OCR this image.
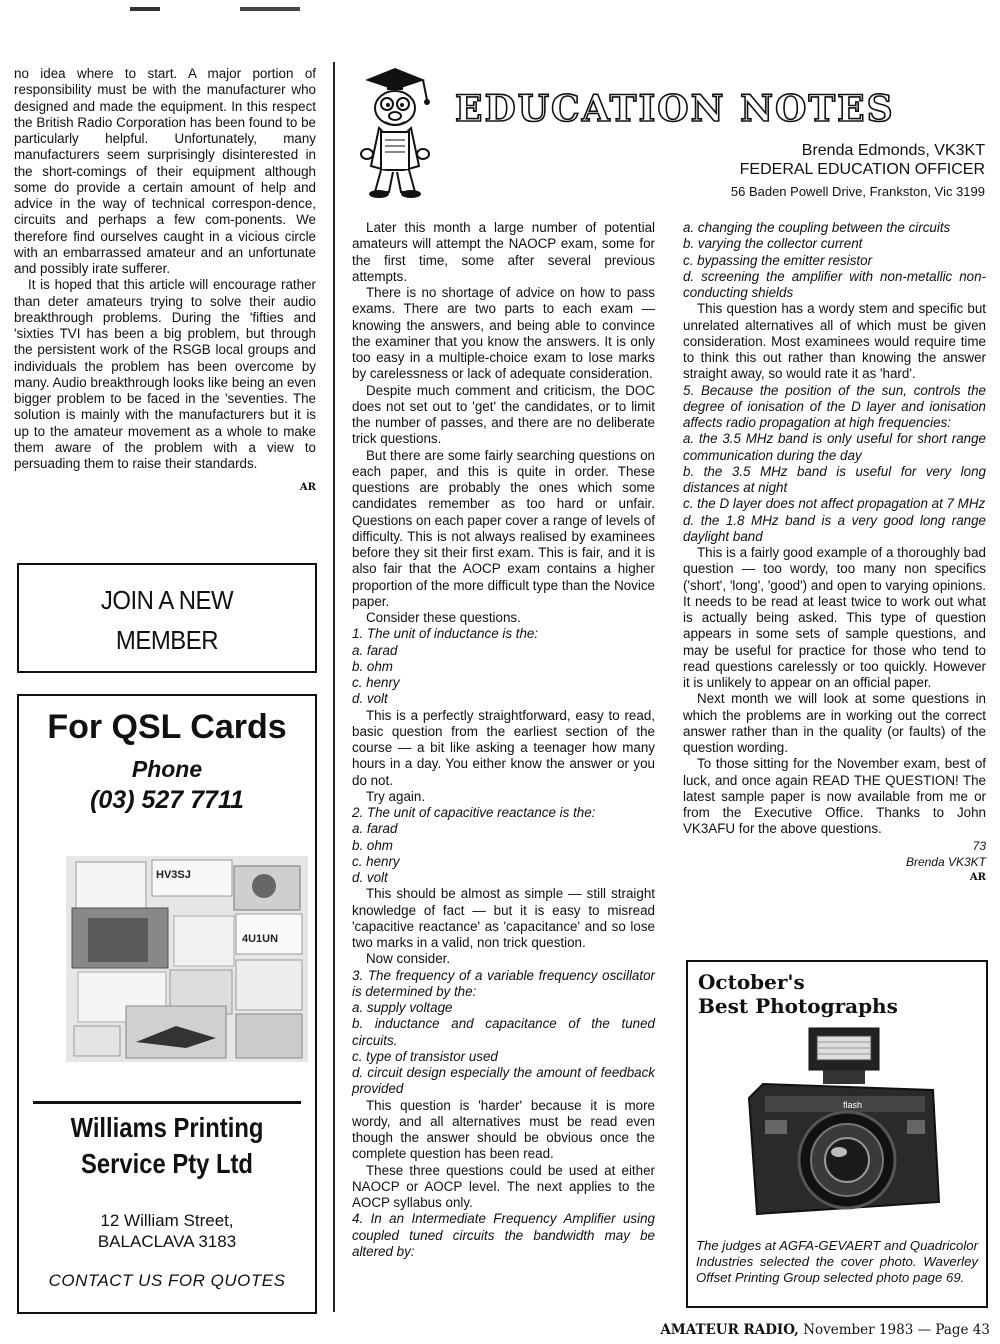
no idea where to start. A major portion of responsibility must be with the manufacturer who designed and made the equipment. In this respect the British Radio Corporation has been found to be particularly helpful. Unfortunately, many manufacturers seem surprisingly disinterested in the short-comings of their equipment although some do provide a certain amount of help and advice in the way of technical correspon-dence, circuits and perhaps a few com-ponents. We therefore find ourselves caught in a vicious circle with an embarrassed amateur and an unfortunate and possibly irate sufferer.

It is hoped that this article will encourage rather than deter amateurs trying to solve their audio breakthrough problems. During the 'fifties and 'sixties TVI has been a big problem, but through the persistent work of the RSGB local groups and individuals the problem has been overcome by many. Audio breakthrough looks like being an even bigger problem to be faced in the 'seventies. The solution is mainly with the manufacturers but it is up to the amateur movement as a whole to make them aware of the problem with a view to persuading them to raise their standards.

AR

JOIN A NEW
MEMBER
For QSL Cards
Phone
(03) 527 7711
HV3SJ
4U1UN
Williams Printing
Service Pty Ltd
12 William Street,
BALACLAVA 3183
CONTACT US FOR QUOTES
EDUCATION NOTES
Brenda Edmonds, VK3KT
FEDERAL EDUCATION OFFICER
56 Baden Powell Drive, Frankston, Vic 3199

Later this month a large number of potential amateurs will attempt the NAOCP exam, some for the first time, some after several previous attempts.

There is no shortage of advice on how to pass exams. There are two parts to each exam — knowing the answers, and being able to convince the examiner that you know the answers. It is only too easy in a multiple-choice exam to lose marks by carelessness or lack of adequate consideration.

Despite much comment and criticism, the DOC does not set out to 'get' the candidates, or to limit the number of passes, and there are no deliberate trick questions.

But there are some fairly searching questions on each paper, and this is quite in order. These questions are probably the ones which some candidates remember as too hard or unfair. Questions on each paper cover a range of levels of difficulty. This is not always realised by examinees before they sit their first exam. This is fair, and it is also fair that the AOCP exam contains a higher proportion of the more difficult type than the Novice paper.

Consider these questions.

1. The unit of inductance is the:

a. farad

b. ohm

c. henry

d. volt

This is a perfectly straightforward, easy to read, basic question from the earliest section of the course — a bit like asking a teenager how many hours in a day. You either know the answer or you do not.

Try again.

2. The unit of capacitive reactance is the:

a. farad

b. ohm

c. henry

d. volt

This should be almost as simple — still straight knowledge of fact — but it is easy to misread 'capacitive reactance' as 'capacitance' and so lose two marks in a valid, non trick question.

Now consider.

3. The frequency of a variable frequency oscillator is determined by the:

a. supply voltage

b. inductance and capacitance of the tuned circuits.

c. type of transistor used

d. circuit design especially the amount of feedback provided

This question is 'harder' because it is more wordy, and all alternatives must be read even though the answer should be obvious once the complete question has been read.

These three questions could be used at either NAOCP or AOCP level. The next applies to the AOCP syllabus only.

4. In an Intermediate Frequency Amplifier using coupled tuned circuits the bandwidth may be altered by:

a. changing the coupling between the circuits

b. varying the collector current

c. bypassing the emitter resistor

d. screening the amplifier with non-metallic non-conducting shields

This question has a wordy stem and specific but unrelated alternatives all of which must be given consideration. Most examinees would require time to think this out rather than knowing the answer straight away, so would rate it as 'hard'.

5. Because the position of the sun, controls the degree of ionisation of the D layer and ionisation affects radio propagation at high frequencies:

a. the 3.5 MHz band is only useful for short range communication during the day

b. the 3.5 MHz band is useful for very long distances at night

c. the D layer does not affect propagation at 7 MHz

d. the 1.8 MHz band is a very good long range daylight band

This is a fairly good example of a thoroughly bad question — too wordy, too many non specifics ('short', 'long', 'good') and open to varying opinions. It needs to be read at least twice to work out what is actually being asked. This type of question appears in some sets of sample questions, and may be useful for practice for those who tend to read questions carelessly or too quickly. However it is unlikely to appear on an official paper.

Next month we will look at some questions in which the problems are in working out the correct answer rather than in the quality (or faults) of the question wording.

To those sitting for the November exam, best of luck, and once again READ THE QUESTION! The latest sample paper is now available from me or from the Executive Office. Thanks to John VK3AFU for the above questions.

73

Brenda VK3KT

AR

October's
Best Photographs
flash
The judges at AGFA-GEVAERT and Quadricolor Industries selected the cover photo. Waverley Offset Printing Group selected photo page 69.
AMATEUR RADIO, November 1983 — Page 43
